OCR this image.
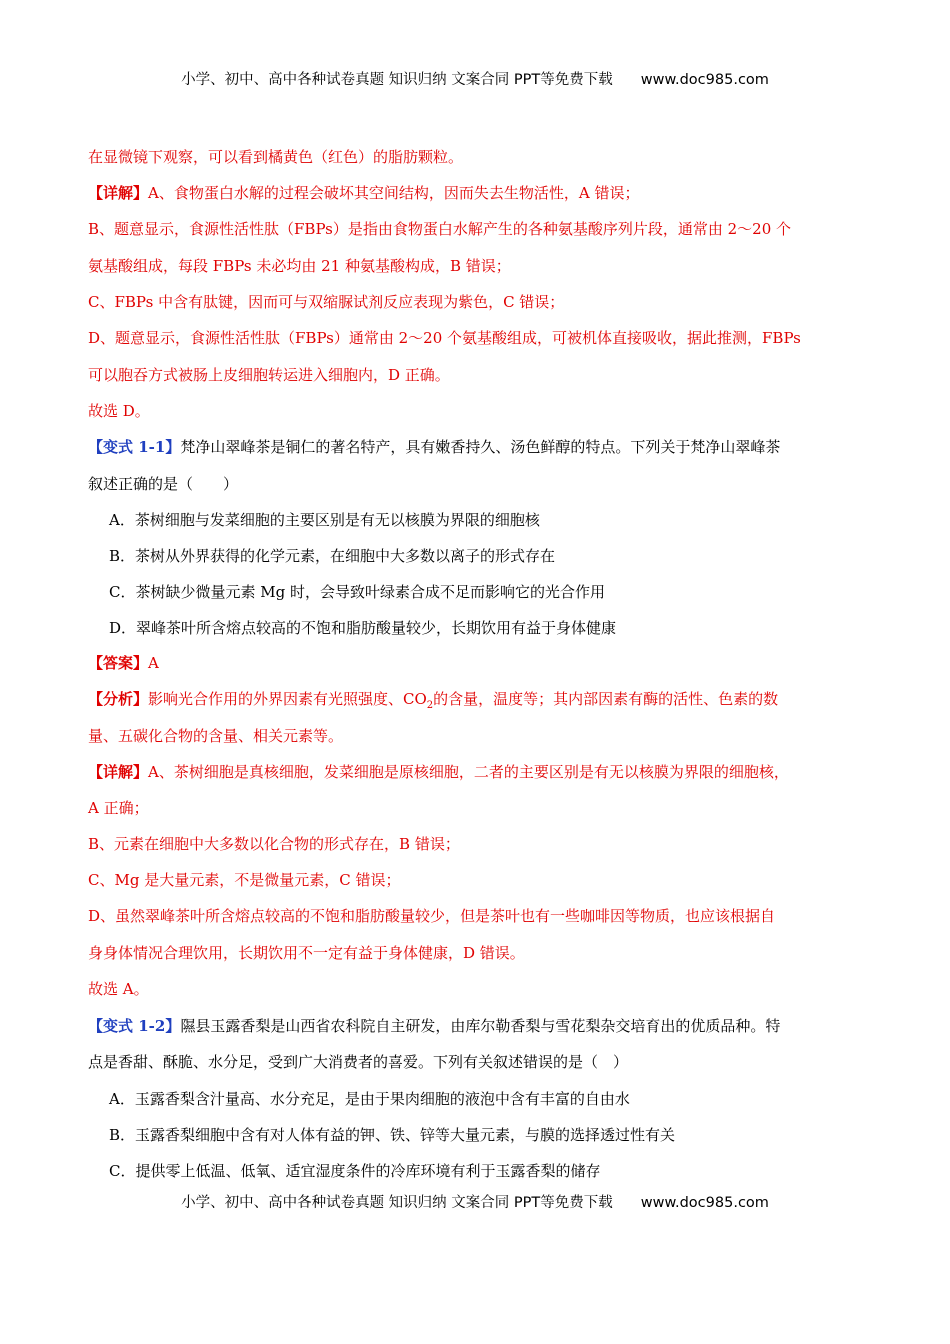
小学、初中、高中各种试卷真题 知识归纳 文案合同 PPT等免费下载 www.doc985.com
在显微镜下观察，可以看到橘黄色（红色）的脂肪颗粒。
【详解】A、食物蛋白水解的过程会破坏其空间结构，因而失去生物活性，A 错误；
B、题意显示，食源性活性肽（FBPs）是指由食物蛋白水解产生的各种氨基酸序列片段，通常由 2～20 个
氨基酸组成，每段 FBPs 未必均由 21 种氨基酸构成，B 错误；
C、FBPs 中含有肽键，因而可与双缩脲试剂反应表现为紫色，C 错误；
D、题意显示，食源性活性肽（FBPs）通常由 2～20 个氨基酸组成，可被机体直接吸收，据此推测，FBPs
可以胞吞方式被肠上皮细胞转运进入细胞内，D 正确。
故选 D。
【变式 1-1】梵净山翠峰茶是铜仁的著名特产，具有嫩香持久、汤色鲜醇的特点。下列关于梵净山翠峰茶
叙述正确的是（　　）
A．茶树细胞与发菜细胞的主要区别是有无以核膜为界限的细胞核
B．茶树从外界获得的化学元素，在细胞中大多数以离子的形式存在
C．茶树缺少微量元素 Mg 时，会导致叶绿素合成不足而影响它的光合作用
D．翠峰茶叶所含熔点较高的不饱和脂肪酸量较少，长期饮用有益于身体健康
【答案】A
【分析】影响光合作用的外界因素有光照强度、$CO_2$的含量，温度等；其内部因素有酶的活性、色素的数
量、五碳化合物的含量、相关元素等。
【详解】A、茶树细胞是真核细胞，发菜细胞是原核细胞，二者的主要区别是有无以核膜为界限的细胞核，
A 正确；
B、元素在细胞中大多数以化合物的形式存在，B 错误；
C、Mg 是大量元素，不是微量元素，C 错误；
D、虽然翠峰茶叶所含熔点较高的不饱和脂肪酸量较少，但是茶叶也有一些咖啡因等物质，也应该根据自
身身体情况合理饮用，长期饮用不一定有益于身体健康，D 错误。
故选 A。
【变式 1-2】隰县玉露香梨是山西省农科院自主研发，由库尔勒香梨与雪花梨杂交培育出的优质品种。特
点是香甜、酥脆、水分足，受到广大消费者的喜爱。下列有关叙述错误的是（　）
A．玉露香梨含汁量高、水分充足，是由于果肉细胞的液泡中含有丰富的自由水
B．玉露香梨细胞中含有对人体有益的钾、铁、锌等大量元素，与膜的选择透过性有关
C．提供零上低温、低氧、适宜湿度条件的冷库环境有利于玉露香梨的储存
小学、初中、高中各种试卷真题 知识归纳 文案合同 PPT等免费下载 www.doc985.com
